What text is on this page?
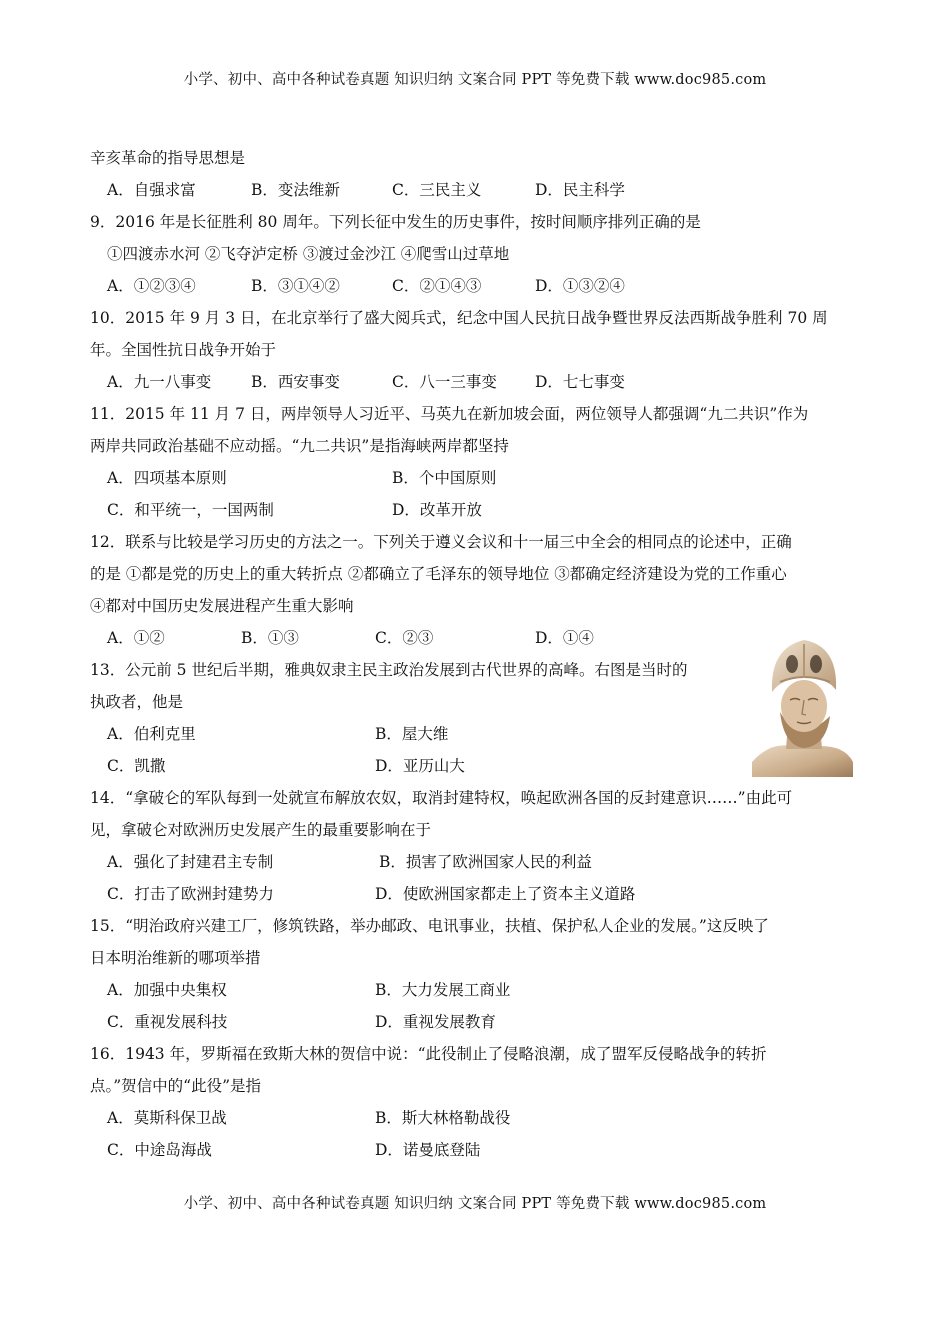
小学、初中、高中各种试卷真题 知识归纳 文案合同 PPT 等免费下载 www.doc985.com
辛亥革命的指导思想是
A．自强求富	B．变法维新	C．三民主义	D．民主科学
9．2016 年是长征胜利 80 周年。下列长征中发生的历史事件，按时间顺序排列正确的是
①四渡赤水河 ②飞夺泸定桥 ③渡过金沙江 ④爬雪山过草地
A．①②③④	B．③①④②	C．②①④③	D．①③②④
10．2015 年 9 月 3 日，在北京举行了盛大阅兵式，纪念中国人民抗日战争暨世界反法西斯战争胜利 70 周
年。全国性抗日战争开始于
A．九一八事变	B．西安事变	C．八一三事变 D．七七事变
11．2015 年 11 月 7 日，两岸领导人习近平、马英九在新加坡会面，两位领导人都强调“九二共识”作为
两岸共同政治基础不应动摇。“九二共识”是指海峡两岸都坚持
A．四项基本原则	B．个中国原则
C．和平统一，一国两制	D．改革开放
12．联系与比较是学习历史的方法之一。下列关于遵义会议和十一届三中全会的相同点的论述中，正确
的是 ①都是党的历史上的重大转折点 ②都确立了毛泽东的领导地位 ③都确定经济建设为党的工作重心
④都对中国历史发展进程产生重大影响
A．①②	B．①③	C．②③	D．①④
13．公元前 5 世纪后半期，雅典奴隶主民主政治发展到古代世界的高峰。右图是当时的
执政者，他是
A．伯利克里	B．屋大维
C．凯撒	D．亚历山大
14．“拿破仑的军队每到一处就宣布解放农奴，取消封建特权，唤起欧洲各国的反封建意识……”由此可
见，拿破仑对欧洲历史发展产生的最重要影响在于
A．强化了封建君主专制	B．损害了欧洲国家人民的利益
C．打击了欧洲封建势力	D．使欧洲国家都走上了资本主义道路
15．“明治政府兴建工厂，修筑铁路，举办邮政、电讯事业，扶植、保护私人企业的发展。”这反映了
日本明治维新的哪项举措
A．加强中央集权	B．大力发展工商业
C．重视发展科技	D．重视发展教育
16．1943 年，罗斯福在致斯大林的贺信中说：“此役制止了侵略浪潮，成了盟军反侵略战争的转折
点。”贺信中的“此役”是指
A．莫斯科保卫战	B．斯大林格勒战役
C．中途岛海战	D．诺曼底登陆
小学、初中、高中各种试卷真题 知识归纳 文案合同 PPT 等免费下载 www.doc985.com
